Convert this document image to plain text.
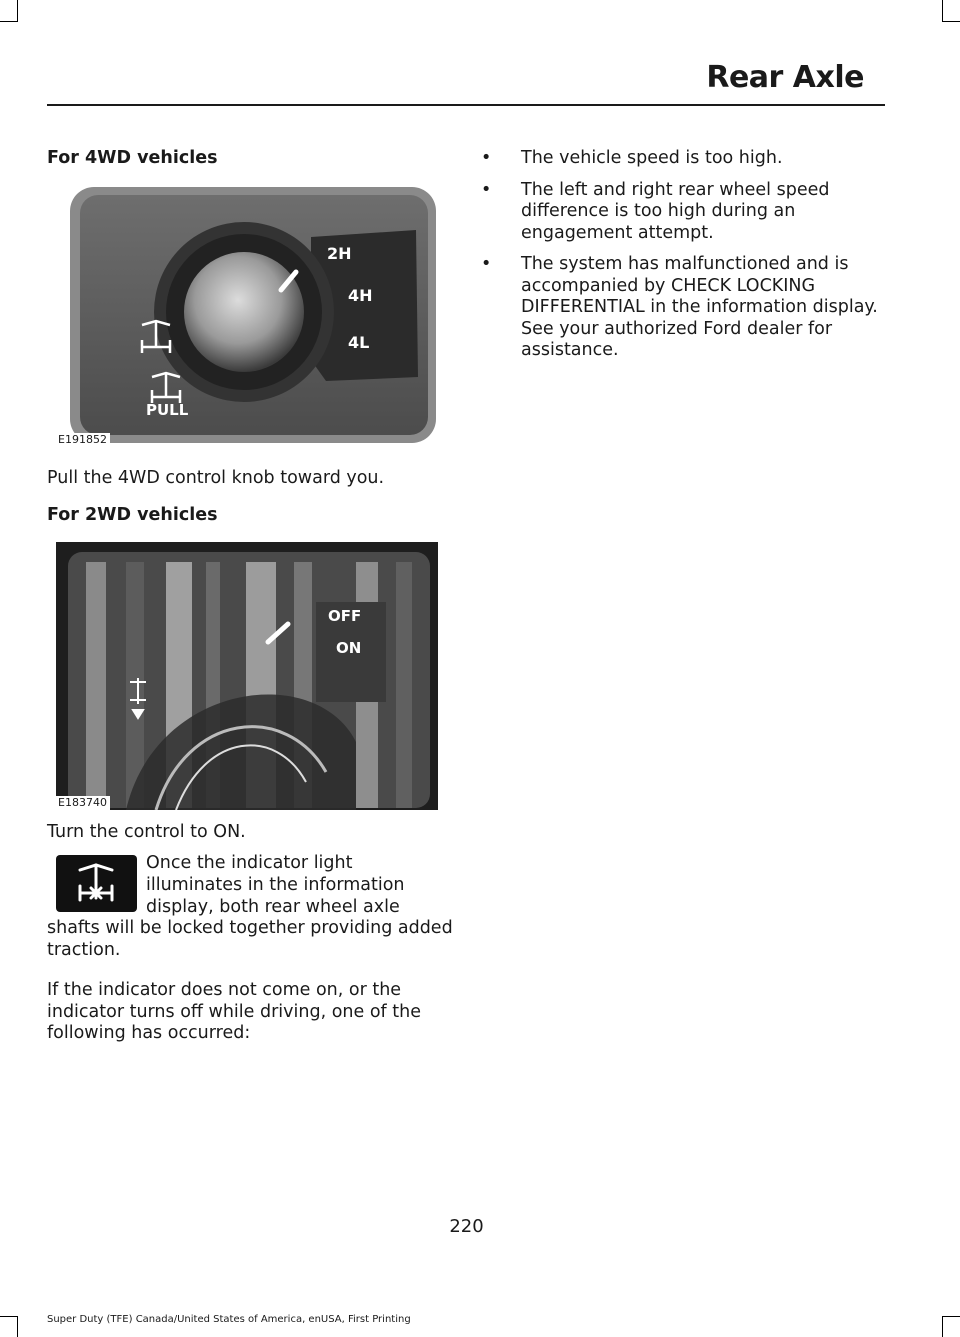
Rear Axle
For 4WD vehicles
2H
4H
4L
PULL
E191852

Pull the 4WD control knob toward you.

For 2WD vehicles
OFF
ON
E183740

Turn the control to ON.

Once the indicator light

illuminates in the information

display, both rear wheel axle

shafts will be locked together providing added traction.

If the indicator does not come on, or the indicator turns off while driving, one of the following has occurred:

• The vehicle speed is too high.
• The left and right rear wheel speed difference is too high during an engagement attempt.
• The system has malfunctioned and is accompanied by CHECK LOCKING DIFFERENTIAL in the information display. See your authorized Ford dealer for assistance.
220
Super Duty (TFE) Canada/United States of America, enUSA, First Printing
